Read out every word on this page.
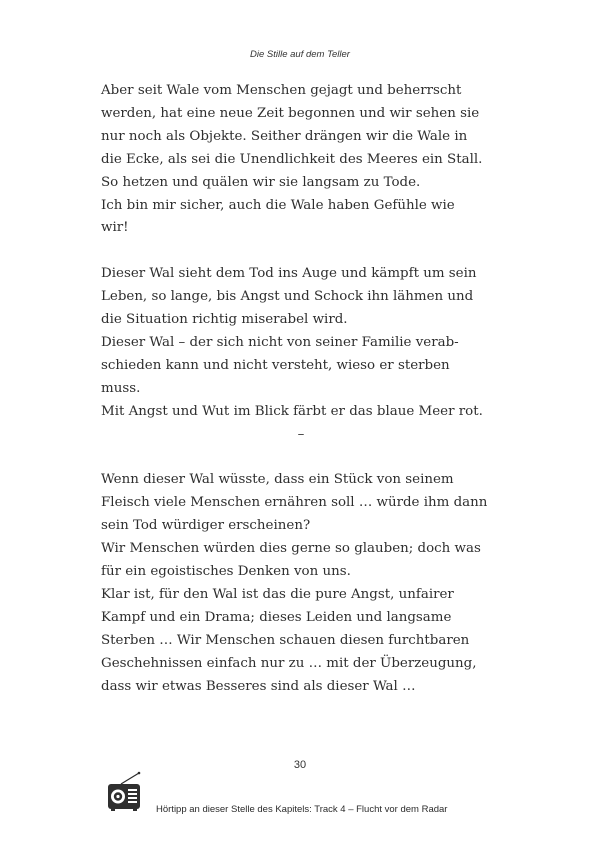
Die Stille auf dem Teller
Aber seit Wale vom Menschen gejagt und beherrscht
werden, hat eine neue Zeit begonnen und wir sehen sie
nur noch als Objekte. Seither drängen wir die Wale in
die Ecke, als sei die Unendlichkeit des Meeres ein Stall.
So hetzen und quälen wir sie langsam zu Tode.
Ich bin mir sicher, auch die Wale haben Gefühle wie
wir!
Dieser Wal sieht dem Tod ins Auge und kämpft um sein
Leben, so lange, bis Angst und Schock ihn lähmen und
die Situation richtig miserabel wird.
Dieser Wal – der sich nicht von seiner Familie verab-
schieden kann und nicht versteht, wieso er sterben
muss.
Mit Angst und Wut im Blick färbt er das blaue Meer rot.
–
Wenn dieser Wal wüsste, dass ein Stück von seinem
Fleisch viele Menschen ernähren soll … würde ihm dann
sein Tod würdiger erscheinen?
Wir Menschen würden dies gerne so glauben; doch was
für ein egoistisches Denken von uns.
Klar ist, für den Wal ist das die pure Angst, unfairer
Kampf und ein Drama; dieses Leiden und langsame
Sterben … Wir Menschen schauen diesen furchtbaren
Geschehnissen einfach nur zu … mit der Überzeugung,
dass wir etwas Besseres sind als dieser Wal …
30
Hörtipp an dieser Stelle des Kapitels: Track 4 – Flucht vor dem Radar
